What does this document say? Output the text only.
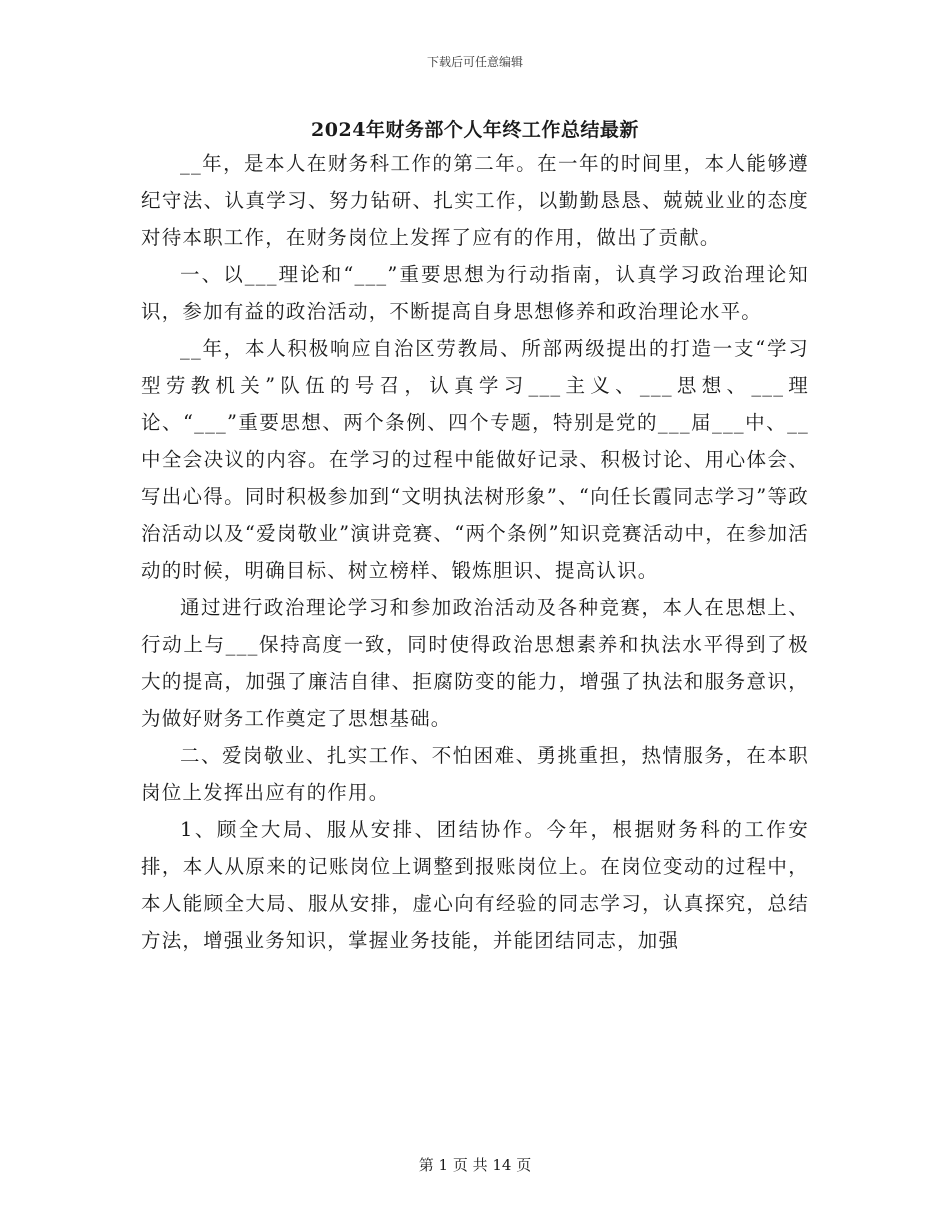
下载后可任意编辑
2024年财务部个人年终工作总结最新

__年，是本人在财务科工作的第二年。在一年的时间里，本人能够遵纪守法、认真学习、努力钻研、扎实工作，以勤勤恳恳、兢兢业业的态度对待本职工作，在财务岗位上发挥了应有的作用，做出了贡献。

一、以___理论和“___”重要思想为行动指南，认真学习政治理论知识，参加有益的政治活动，不断提高自身思想修养和政治理论水平。

__年，本人积极响应自治区劳教局、所部两级提出的打造一支“学习型劳教机关”队伍的号召，认真学习___主义、___思想、___理论、“___”重要思想、两个条例、四个专题，特别是党的___届___中、__中全会决议的内容。在学习的过程中能做好记录、积极讨论、用心体会、写出心得。同时积极参加到“文明执法树形象”、“向任长霞同志学习”等政治活动以及“爱岗敬业”演讲竞赛、“两个条例”知识竞赛活动中，在参加活动的时候，明确目标、树立榜样、锻炼胆识、提高认识。

通过进行政治理论学习和参加政治活动及各种竞赛，本人在思想上、行动上与___保持高度一致，同时使得政治思想素养和执法水平得到了极大的提高，加强了廉洁自律、拒腐防变的能力，增强了执法和服务意识，为做好财务工作奠定了思想基础。

二、爱岗敬业、扎实工作、不怕困难、勇挑重担，热情服务，在本职岗位上发挥出应有的作用。

1、顾全大局、服从安排、团结协作。今年，根据财务科的工作安排，本人从原来的记账岗位上调整到报账岗位上。在岗位变动的过程中，本人能顾全大局、服从安排，虚心向有经验的同志学习，认真探究，总结方法，增强业务知识，掌握业务技能，并能团结同志，加强

第 1 页 共 14 页
